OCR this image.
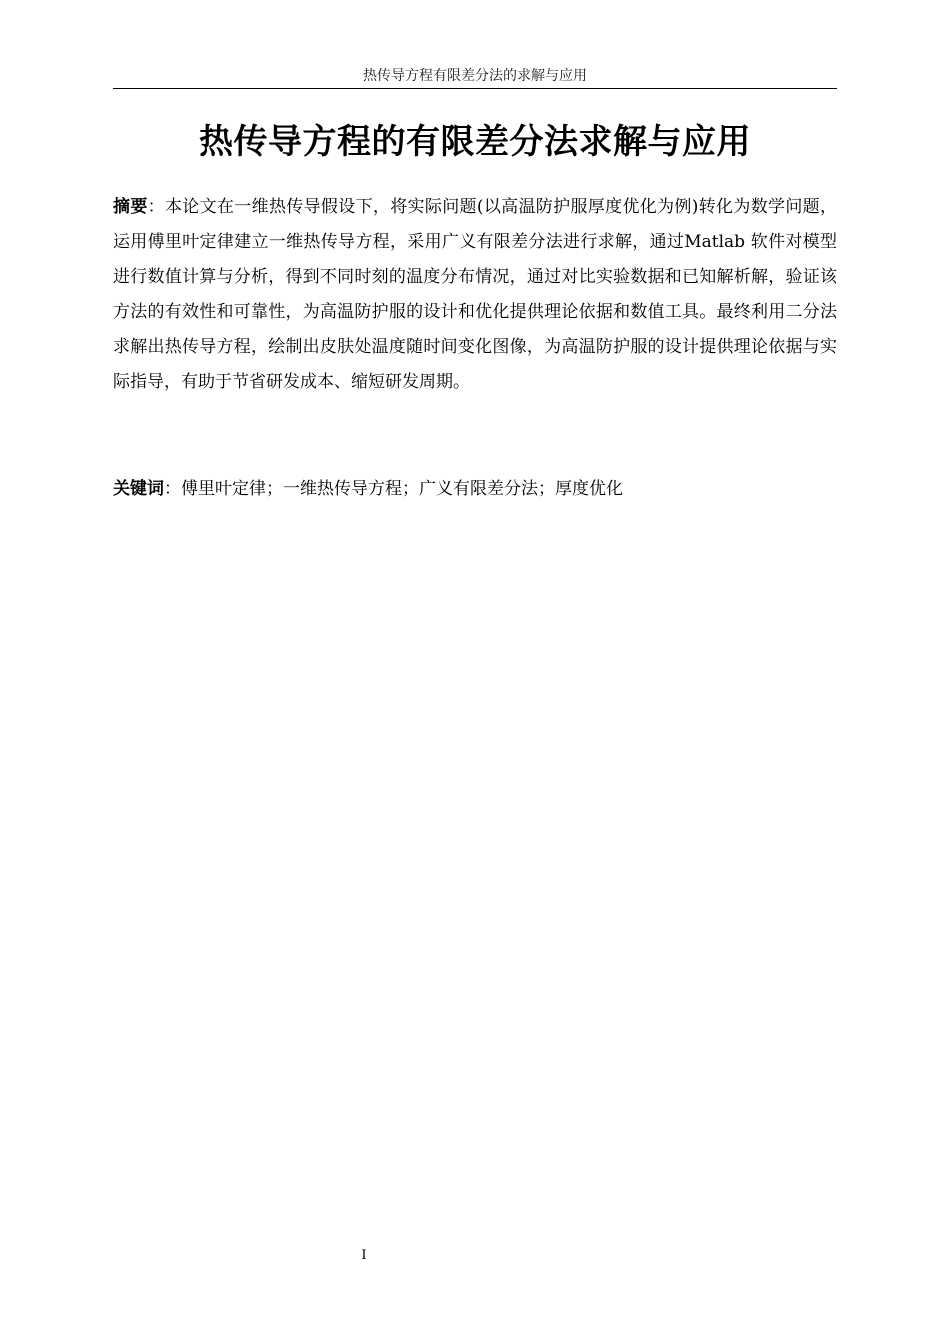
热传导方程有限差分法的求解与应用
热传导方程的有限差分法求解与应用

摘要：本论文在一维热传导假设下，将实际问题(以高温防护服厚度优化为例)转化为数学问题，运用傅里叶定律建立一维热传导方程，采用广义有限差分法进行求解，通过Matlab 软件对模型进行数值计算与分析，得到不同时刻的温度分布情况，通过对比实验数据和已知解析解，验证该方法的有效性和可靠性，为高温防护服的设计和优化提供理论依据和数值工具。最终利用二分法求解出热传导方程，绘制出皮肤处温度随时间变化图像，为高温防护服的设计提供理论依据与实际指导，有助于节省研发成本、缩短研发周期。

关键词：傅里叶定律；一维热传导方程；广义有限差分法；厚度优化

I
